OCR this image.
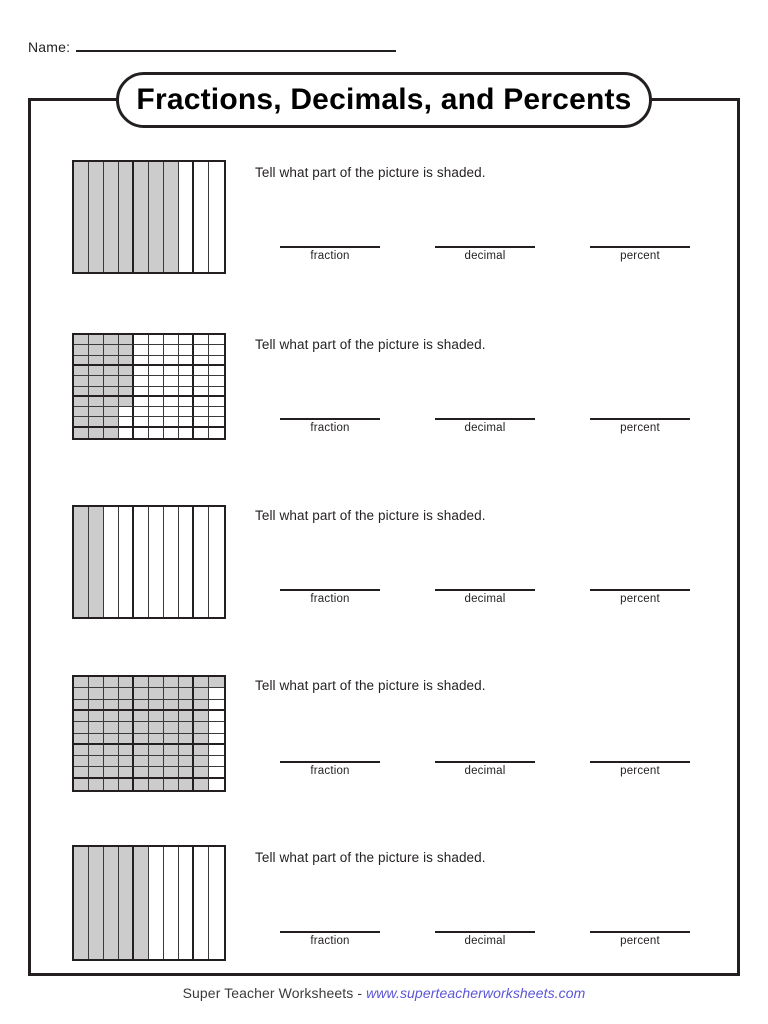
Name:
Fractions, Decimals, and Percents
Tell what part of the picture is shaded.
fraction	decimal	percent
Tell what part of the picture is shaded.
fraction	decimal	percent
Tell what part of the picture is shaded.
fraction	decimal	percent
Tell what part of the picture is shaded.
fraction	decimal	percent
Tell what part of the picture is shaded.
fraction	decimal	percent
Super Teacher Worksheets - www.superteacherworksheets.com
